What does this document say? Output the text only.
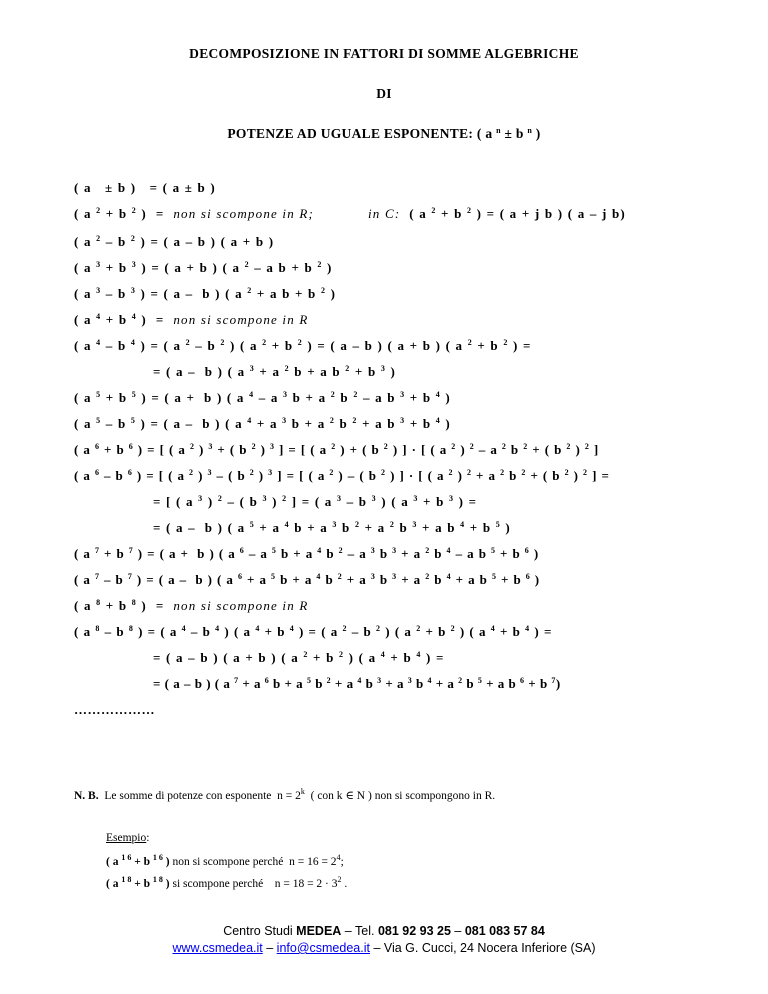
DECOMPOSIZIONE IN FATTORI DI SOMME ALGEBRICHE
DI
POTENZE AD UGUALE ESPONENTE: ( a $^n$ ± b $^n$ )
( a   ± b )   = ( a ± b )
( a $^2$ + b $^2$ )  =  non si scompone in R;	in C:  ( a $^2$ + b $^2$ ) = ( a + j b ) ( a – j b)
( a $^2$ – b $^2$ ) = ( a – b ) ( a + b )
( a $^3$ + b $^3$ ) = ( a + b ) ( a $^2$ – a b + b $^2$ )
( a $^3$ – b $^3$ ) = ( a –  b ) ( a $^2$ + a b + b $^2$ )
( a $^4$ + b $^4$ )  =  non si scompone in R
( a $^4$ – b $^4$ ) = ( a $^2$ – b $^2$ ) ( a $^2$ + b $^2$ ) = ( a – b ) ( a + b ) ( a $^2$ + b $^2$ ) =
= ( a –  b ) ( a $^3$ + a $^2$ b + a b $^2$ + b $^3$ )
( a $^5$ + b $^5$ ) = ( a +  b ) ( a $^4$ – a $^3$ b + a $^2$ b $^2$ – a b $^3$ + b $^4$ )
( a $^5$ – b $^5$ ) = ( a –  b ) ( a $^4$ + a $^3$ b + a $^2$ b $^2$ + a b $^3$ + b $^4$ )
( a $^6$ + b $^6$ ) = [ ( a $^2$ ) $^3$ + ( b $^2$ ) $^3$ ] = [ ( a $^2$ ) + ( b $^2$ ) ] · [ ( a $^2$ ) $^2$ – a $^2$ b $^2$ + ( b $^2$ ) $^2$ ]
( a $^6$ – b $^6$ ) = [ ( a $^2$ ) $^3$ – ( b $^2$ ) $^3$ ] = [ ( a $^2$ ) – ( b $^2$ ) ] · [ ( a $^2$ ) $^2$ + a $^2$ b $^2$ + ( b $^2$ ) $^2$ ] =
= [ ( a $^3$ ) $^2$ – ( b $^3$ ) $^2$ ] = ( a $^3$ – b $^3$ ) ( a $^3$ + b $^3$ ) =
= ( a –  b ) ( a $^5$ + a $^4$ b + a $^3$ b $^2$ + a $^2$ b $^3$ + a b $^4$ + b $^5$ )
( a $^7$ + b $^7$ ) = ( a +  b ) ( a $^6$ – a $^5$ b + a $^4$ b $^2$ – a $^3$ b $^3$ + a $^2$ b $^4$ – a b $^5$ + b $^6$ )
( a $^7$ – b $^7$ ) = ( a –  b ) ( a $^6$ + a $^5$ b + a $^4$ b $^2$ + a $^3$ b $^3$ + a $^2$ b $^4$ + a b $^5$ + b $^6$ )
( a $^8$ + b $^8$ )  =  non si scompone in R
( a $^8$ – b $^8$ ) = ( a $^4$ – b $^4$ ) ( a $^4$ + b $^4$ ) = ( a $^2$ – b $^2$ ) ( a $^2$ + b $^2$ ) ( a $^4$ + b $^4$ ) =
= ( a – b ) ( a + b ) ( a $^2$ + b $^2$ ) ( a $^4$ + b $^4$ ) =
= ( a – b ) ( a $^7$ + a $^6$ b + a $^5$ b $^2$ + a $^4$ b $^3$ + a $^3$ b $^4$ + a $^2$ b $^5$ + a b $^6$ + b $^7$)
………………
N. B. Le somme di potenze con esponente  $n = 2^k$  ( con k ∈ N ) non si scompongono in R.
Esempio:
( a $^{1 6}$ + b $^{1 6}$ ) non si scompone perché  $n = 16 = 2^4$;
( a $^{1 8}$ + b $^{1 8}$ ) si scompone perché    $n = 18 = 2 \cdot 3^2$ .
Centro Studi MEDEA – Tel. 081 92 93 25 – 081 083 57 84
www.csmedea.it – info@csmedea.it – Via G. Cucci, 24 Nocera Inferiore (SA)
